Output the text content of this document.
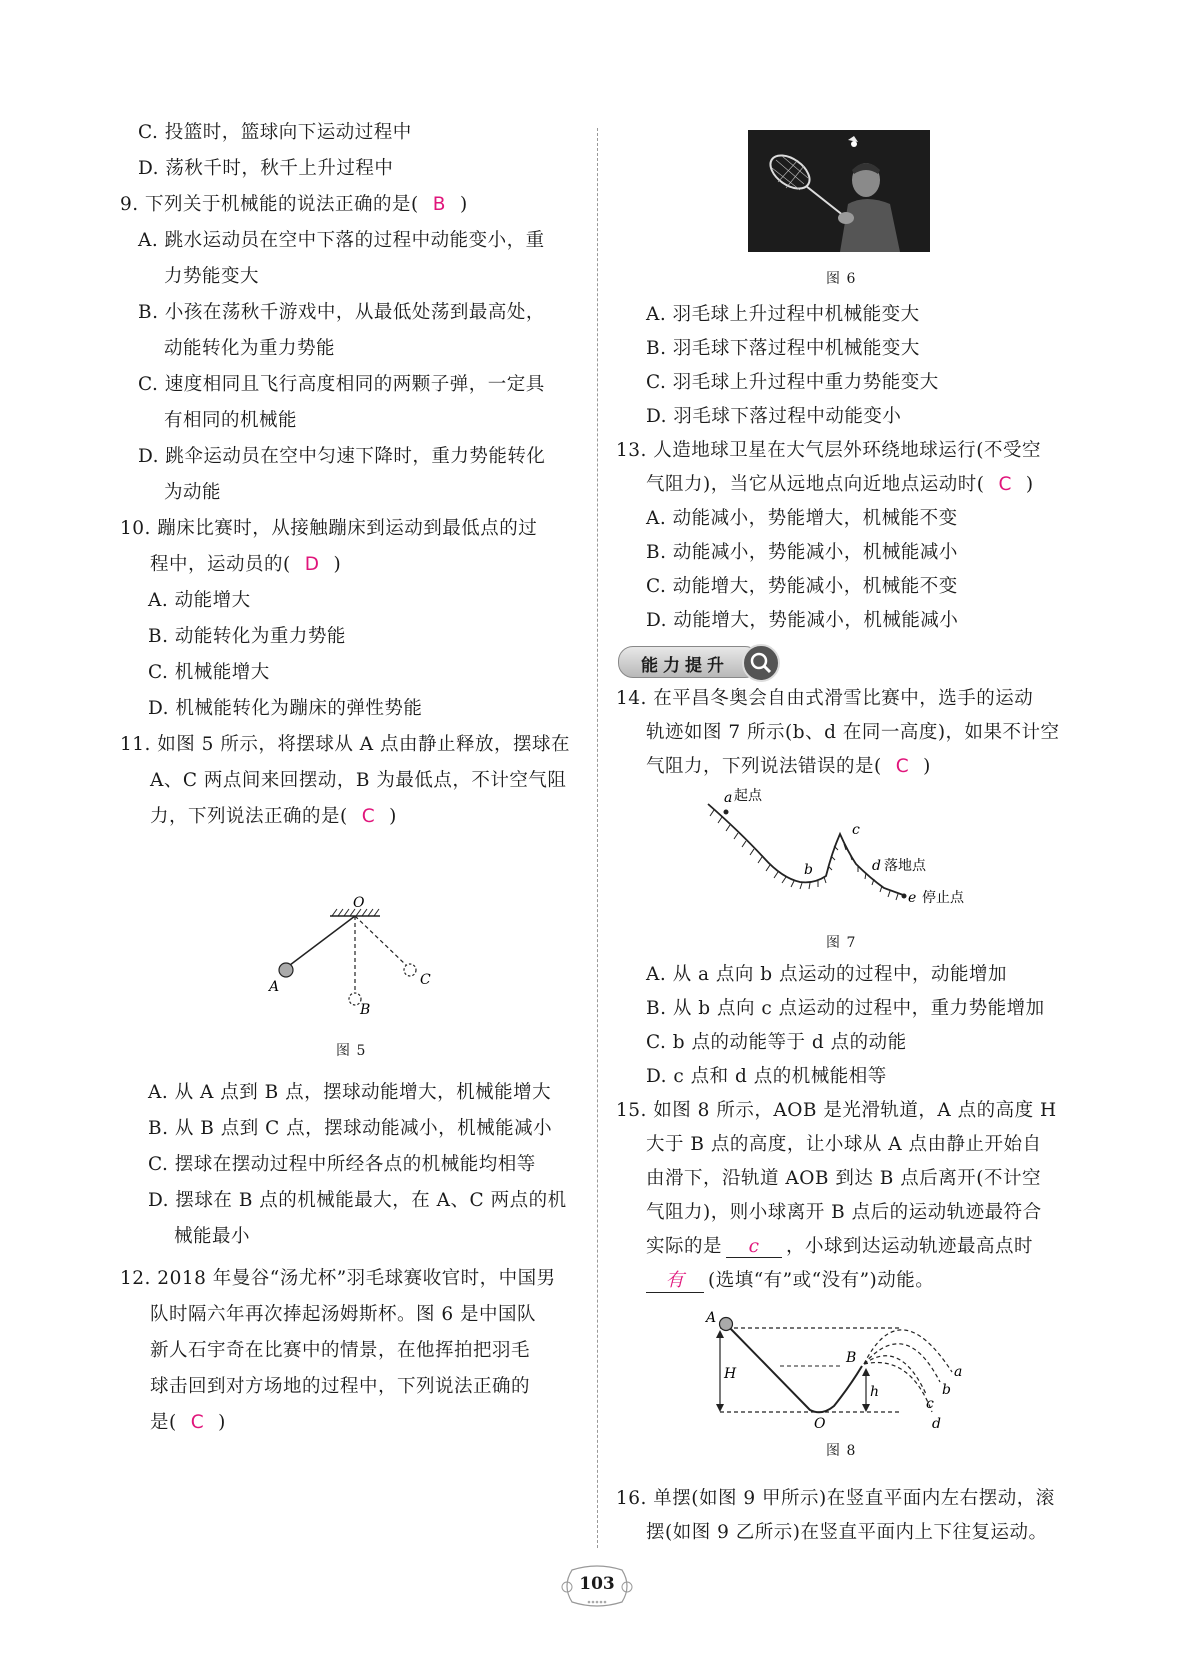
C. 投篮时，篮球向下运动过程中
D. 荡秋千时，秋千上升过程中
9. 下列关于机械能的说法正确的是( B )
A. 跳水运动员在空中下落的过程中动能变小，重
力势能变大
B. 小孩在荡秋千游戏中，从最低处荡到最高处，
动能转化为重力势能
C. 速度相同且飞行高度相同的两颗子弹，一定具
有相同的机械能
D. 跳伞运动员在空中匀速下降时，重力势能转化
为动能
10. 蹦床比赛时，从接触蹦床到运动到最低点的过
程中，运动员的( D )
A. 动能增大
B. 动能转化为重力势能
C. 机械能增大
D. 机械能转化为蹦床的弹性势能
11. 如图 5 所示，将摆球从 A 点由静止释放，摆球在
A、C 两点间来回摆动，B 为最低点，不计空气阻
力，下列说法正确的是( C )
O
A
B
C
图 5
A. 从 A 点到 B 点，摆球动能增大，机械能增大
B. 从 B 点到 C 点，摆球动能减小，机械能减小
C. 摆球在摆动过程中所经各点的机械能均相等
D. 摆球在 B 点的机械能最大，在 A、C 两点的机
械能最小
12. 2018 年曼谷“汤尤杯”羽毛球赛收官时，中国男
队时隔六年再次捧起汤姆斯杯。图 6 是中国队
新人石宇奇在比赛中的情景，在他挥拍把羽毛
球击回到对方场地的过程中，下列说法正确的
是( C )
图 6
A. 羽毛球上升过程中机械能变大
B. 羽毛球下落过程中机械能变大
C. 羽毛球上升过程中重力势能变大
D. 羽毛球下落过程中动能变小
13. 人造地球卫星在大气层外环绕地球运行(不受空
气阻力)，当它从远地点向近地点运动时( C )
A. 动能减小，势能增大，机械能不变
B. 动能减小，势能减小，机械能减小
C. 动能增大，势能减小，机械能不变
D. 动能增大，势能减小，机械能减小
能力提升
14. 在平昌冬奥会自由式滑雪比赛中，选手的运动
轨迹如图 7 所示(b、d 在同一高度)，如果不计空
气阻力，下列说法错误的是( C )
a 起点
b
c
d 落地点
e 停止点
图 7
A. 从 a 点向 b 点运动的过程中，动能增加
B. 从 b 点向 c 点运动的过程中，重力势能增加
C. b 点的动能等于 d 点的动能
D. c 点和 d 点的机械能相等
15. 如图 8 所示，AOB 是光滑轨道，A 点的高度 H
大于 B 点的高度，让小球从 A 点由静止开始自
由滑下，沿轨道 AOB 到达 B 点后离开(不计空
气阻力)，则小球离开 B 点后的运动轨迹最符合
实际的是 c ，小球到达运动轨迹最高点时
有 (选填“有”或“没有”)动能。
A
B
H
h
O
a
b
c
d
图 8
16. 单摆(如图 9 甲所示)在竖直平面内左右摆动，滚
摆(如图 9 乙所示)在竖直平面内上下往复运动。
103
